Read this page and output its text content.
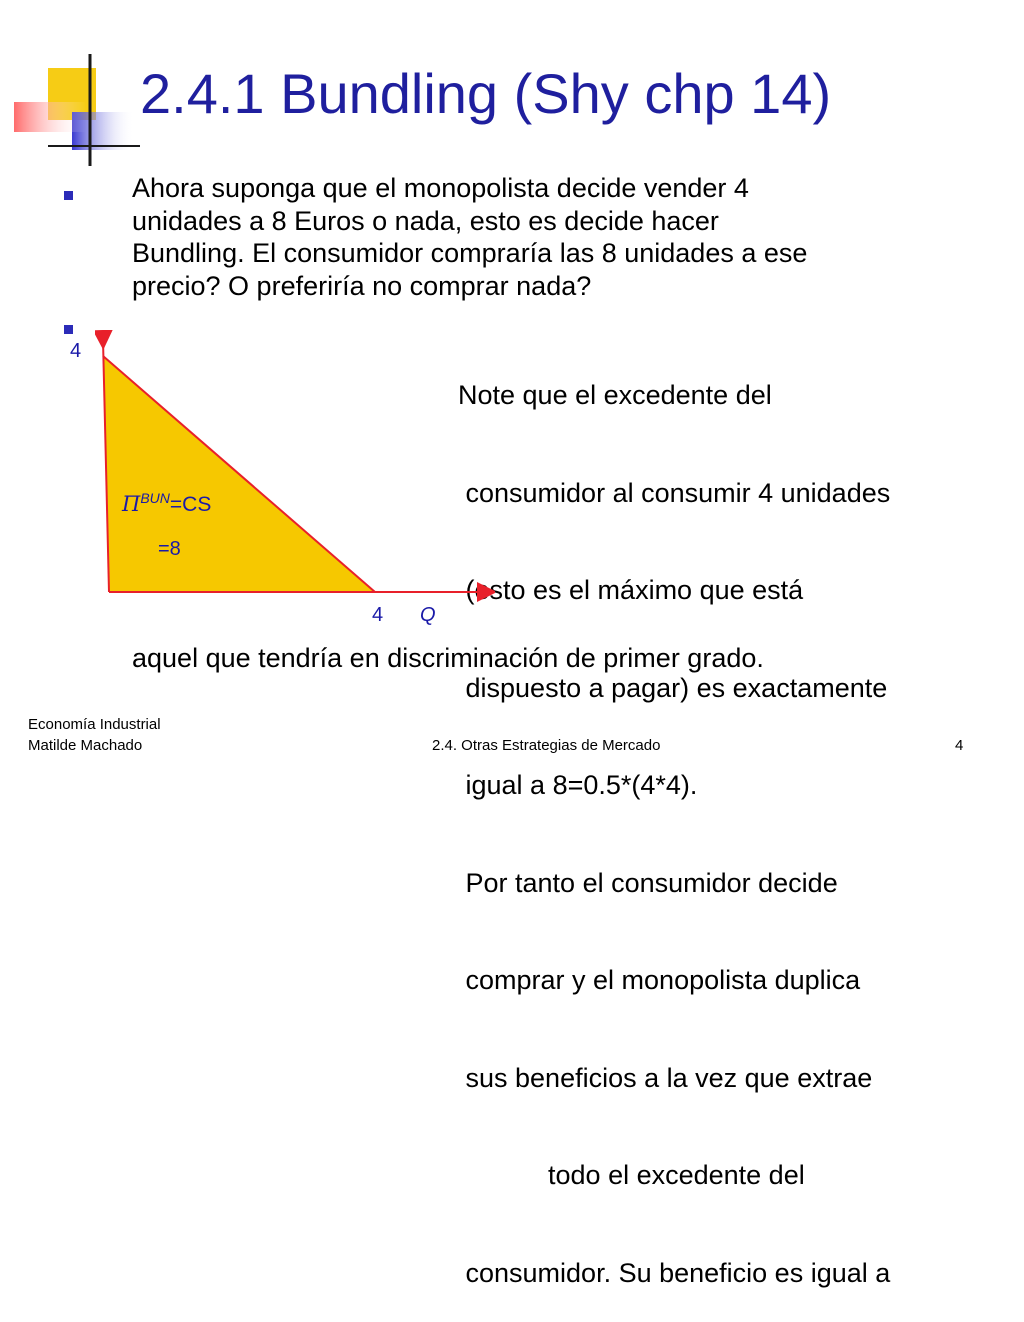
2.4.1 Bundling (Shy chp 14)
Ahora suponga que el monopolista decide vender 4
unidades a 8 Euros o nada, esto es decide hacer
Bundling. El consumidor compraría las 8 unidades a ese
precio? O preferiría no comprar nada?

Note que el excedente del

consumidor al consumir 4 unidades

(esto es el máximo que está

dispuesto a pagar) es exactamente

igual a 8=0.5*(4*4).

Por tanto el consumidor decide

comprar y el monopolista duplica

sus beneficios a la vez que extrae

todo el excedente del

consumidor. Su beneficio es igual a

aquel que tendría en discriminación de primer grado.
4
4 Q
$\Pi^{BUN}=CS$
=8
Economía Industrial
Matilde Machado	2.4. Otras Estrategias de Mercado	4
